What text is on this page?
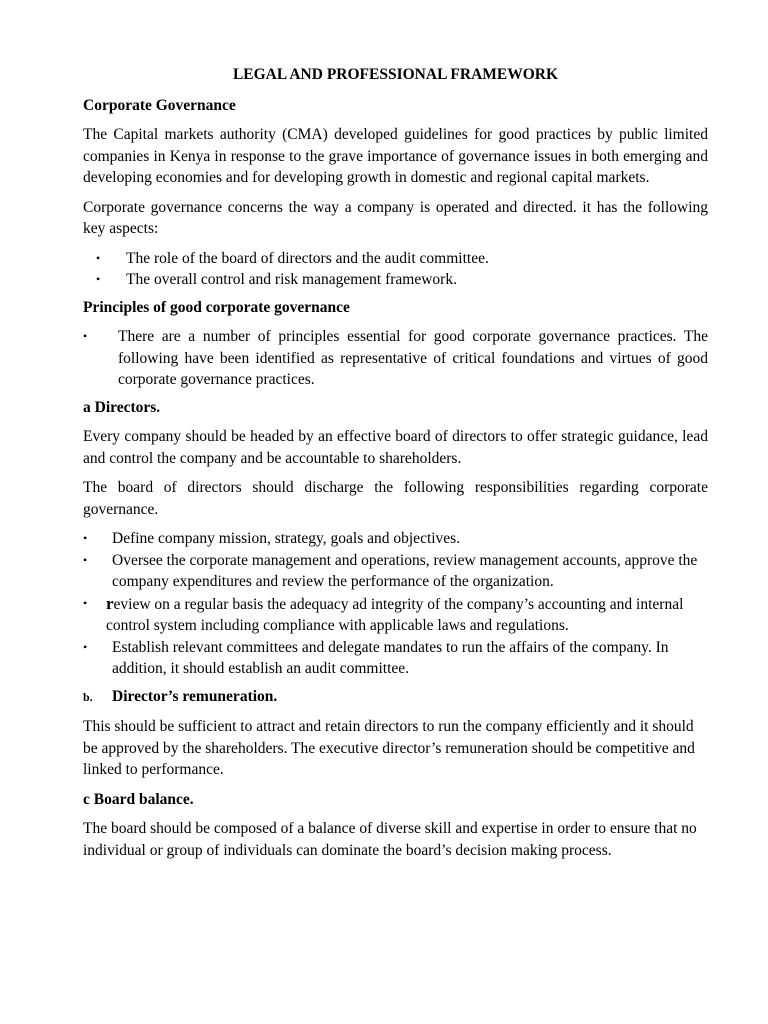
LEGAL AND PROFESSIONAL FRAMEWORK
Corporate Governance

The Capital markets authority (CMA) developed guidelines for good practices by public limited companies in Kenya in response to the grave importance of governance issues in both emerging and developing economies and for developing growth in domestic and regional capital markets.

Corporate governance concerns the way a company is operated and directed. it has the following key aspects:

• The role of the board of directors and the audit committee.
• The overall control and risk management framework.
Principles of good corporate governance
• There are a number of principles essential for good corporate governance practices. The following have been identified as representative of critical foundations and virtues of good corporate governance practices.
a Directors.

Every company should be headed by an effective board of directors to offer strategic guidance, lead and control the company and be accountable to shareholders.

The board of directors should discharge the following responsibilities regarding corporate governance.

• Define company mission, strategy, goals and objectives.
• Oversee the corporate management and operations, review management accounts, approve the company expenditures and review the performance of the organization.
• review on a regular basis the adequacy ad integrity of the company’s accounting and internal control system including compliance with applicable laws and regulations.
• Establish relevant committees and delegate mandates to run the affairs of the company. In addition, it should establish an audit committee.
b.	Director’s remuneration.

This should be sufficient to attract and retain directors to run the company efficiently and it should be approved by the shareholders. The executive director’s remuneration should be competitive and linked to performance.

c Board balance.

The board should be composed of a balance of diverse skill and expertise in order to ensure that no individual or group of individuals can dominate the board’s decision making process.
